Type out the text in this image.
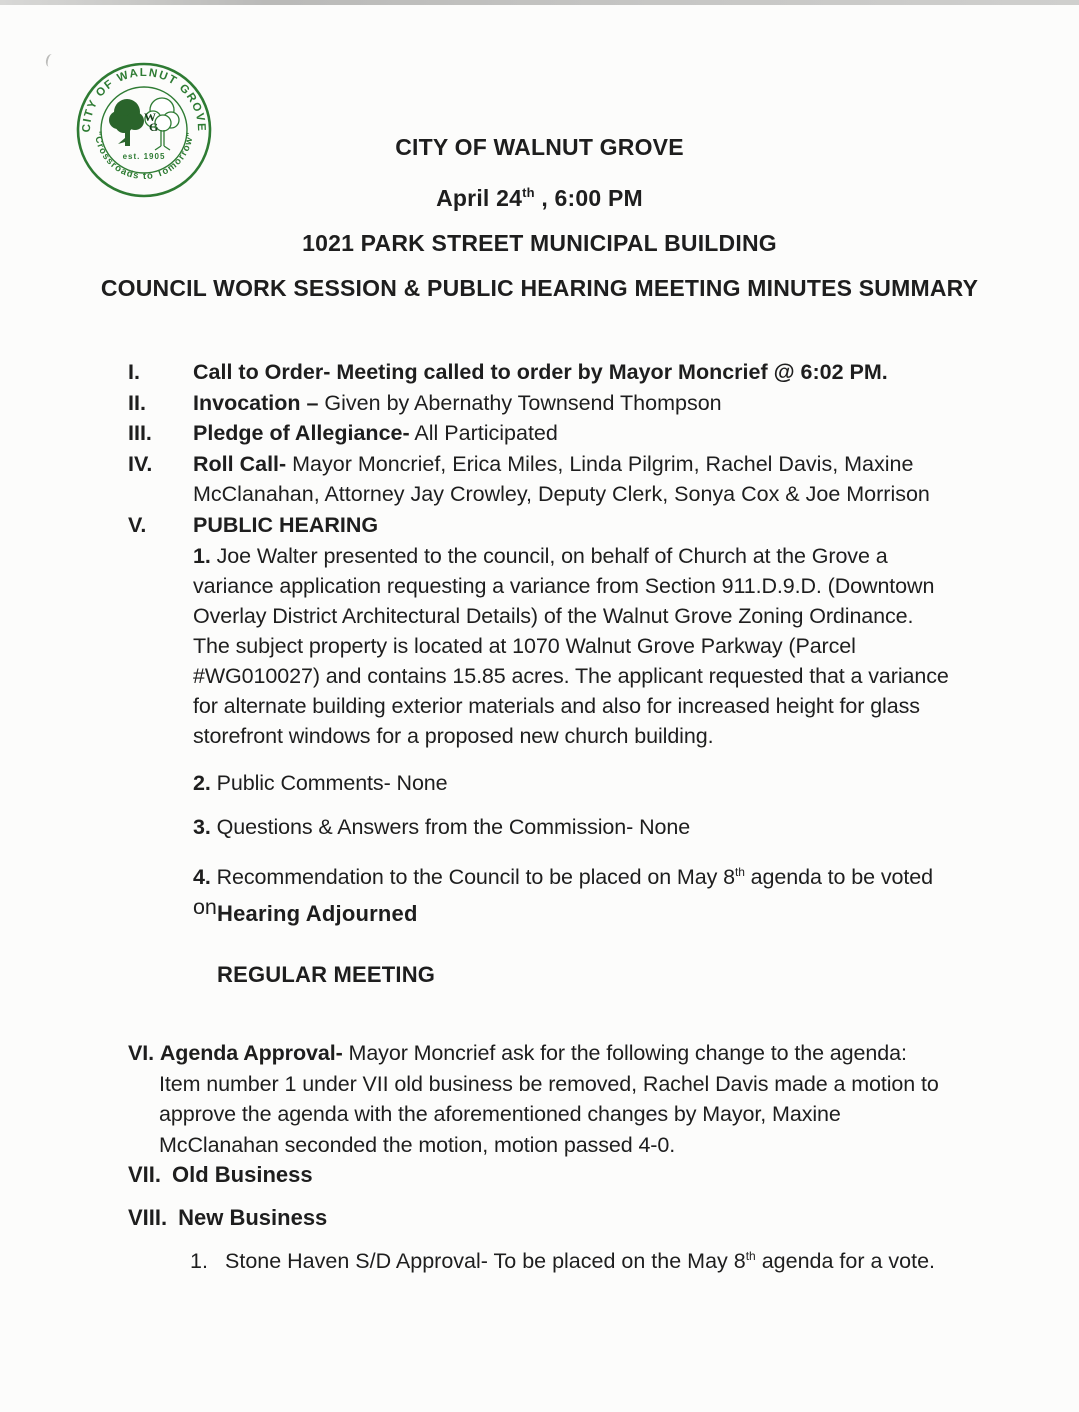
CITY OF WALNUT GROVE
"Crossroads to Tomorrow"
W G
est. 1905	CITY OF WALNUT GROVE
April 24th , 6:00 PM
1021 PARK STREET MUNICIPAL BUILDING
COUNCIL WORK SESSION & PUBLIC HEARING MEETING MINUTES SUMMARY
I.	Call to Order- Meeting called to order by Mayor Moncrief @ 6:02 PM.
II.	Invocation – Given by Abernathy Townsend Thompson
III.	Pledge of Allegiance- All Participated
IV.	Roll Call- Mayor Moncrief, Erica Miles, Linda Pilgrim, Rachel Davis, Maxine McClanahan, Attorney Jay Crowley, Deputy Clerk, Sonya Cox & Joe Morrison
V.	PUBLIC HEARING
1. Joe Walter presented to the council, on behalf of Church at the Grove a variance application requesting a variance from Section 911.D.9.D. (Downtown Overlay District Architectural Details) of the Walnut Grove Zoning Ordinance. The subject property is located at 1070 Walnut Grove Parkway (Parcel #WG010027) and contains 15.85 acres. The applicant requested that a variance for alternate building exterior materials and also for increased height for glass storefront windows for a proposed new church building.
2. Public Comments- None
3. Questions & Answers from the Commission- None
4. Recommendation to the Council to be placed on May 8th agenda to be voted on.
Hearing Adjourned
REGULAR MEETING
VI. Agenda Approval- Mayor Moncrief ask for the following change to the agenda: Item number 1 under VII old business be removed, Rachel Davis made a motion to approve the agenda with the aforementioned changes by Mayor, Maxine McClanahan seconded the motion, motion passed 4-0.
VII. Old Business
VIII. New Business
1. Stone Haven S/D Approval- To be placed on the May 8th agenda for a vote.
